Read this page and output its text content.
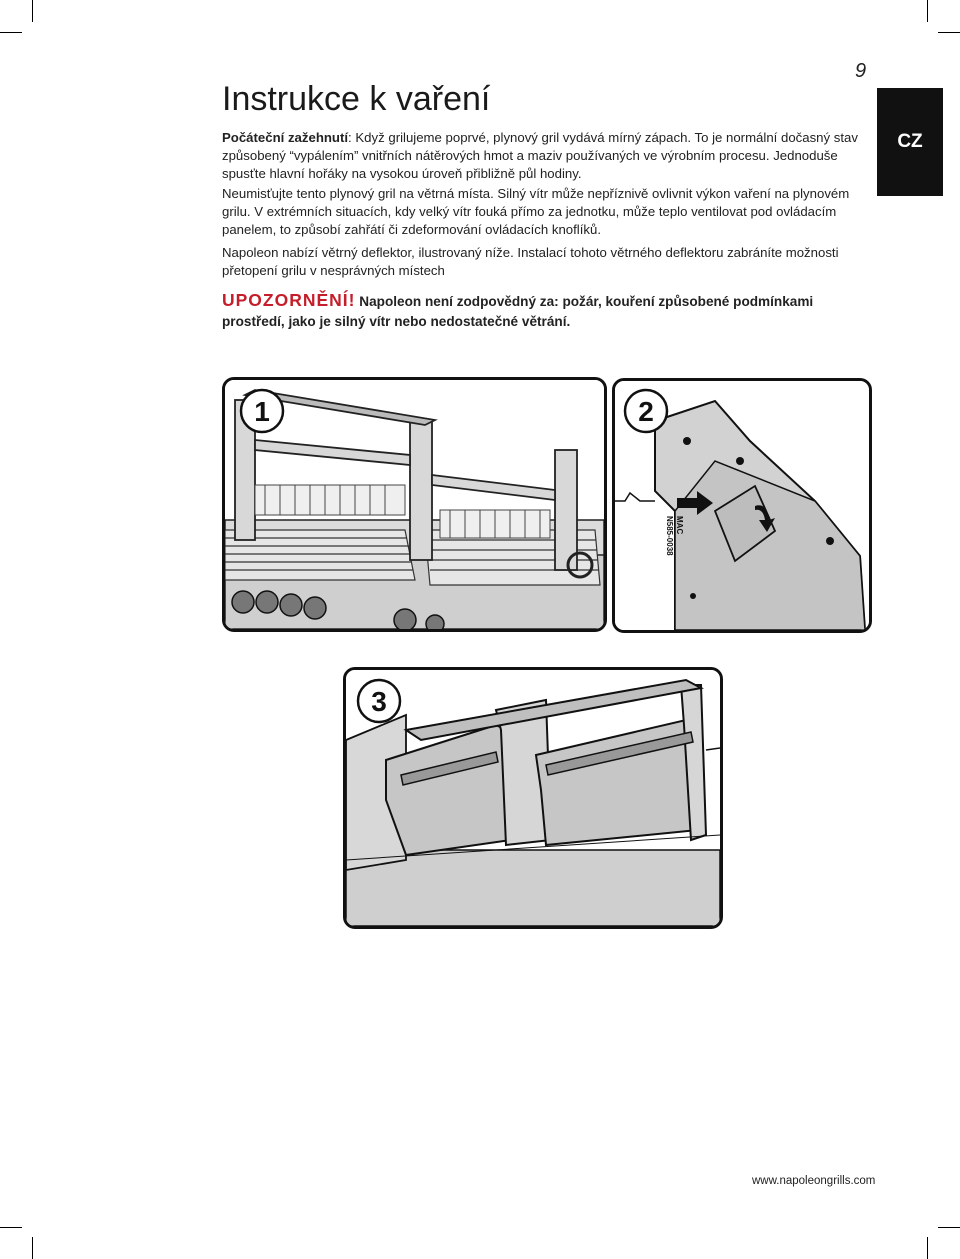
9
CZ
Instrukce k vaření
Počáteční zažehnutí: Když grilujeme poprvé, plynový gril vydává mírný zápach. To je normální dočasný stav způsobený “vypálením” vnitřních nátěrových hmot a maziv používaných ve výrobním procesu. Jednoduše spusťte hlavní hořáky na vysokou úroveň přibližně půl hodiny.
Neumisťujte tento plynový gril na větrná místa. Silný vítr může nepříznivě ovlivnit výkon vaření na plynovém grilu. V extrémních situacích, kdy velký vítr fouká přímo za jednotku, může teplo ventilovat pod ovládacím panelem, to způsobí zahřátí či zdeformování ovládacích knoflíků.
Napoleon nabízí větrný deflektor, ilustrovaný níže. Instalací tohoto větrného deflektoru zabráníte možnosti přetopení grilu v nesprávných místech
UPOZORNĚNÍ! Napoleon není zodpovědný za: požár, kouření způsobené podmínkami prostředí, jako je silný vítr nebo nedostatečné větrání.
1
MAC
N585-0038
2
3
www.napoleongrills.com
